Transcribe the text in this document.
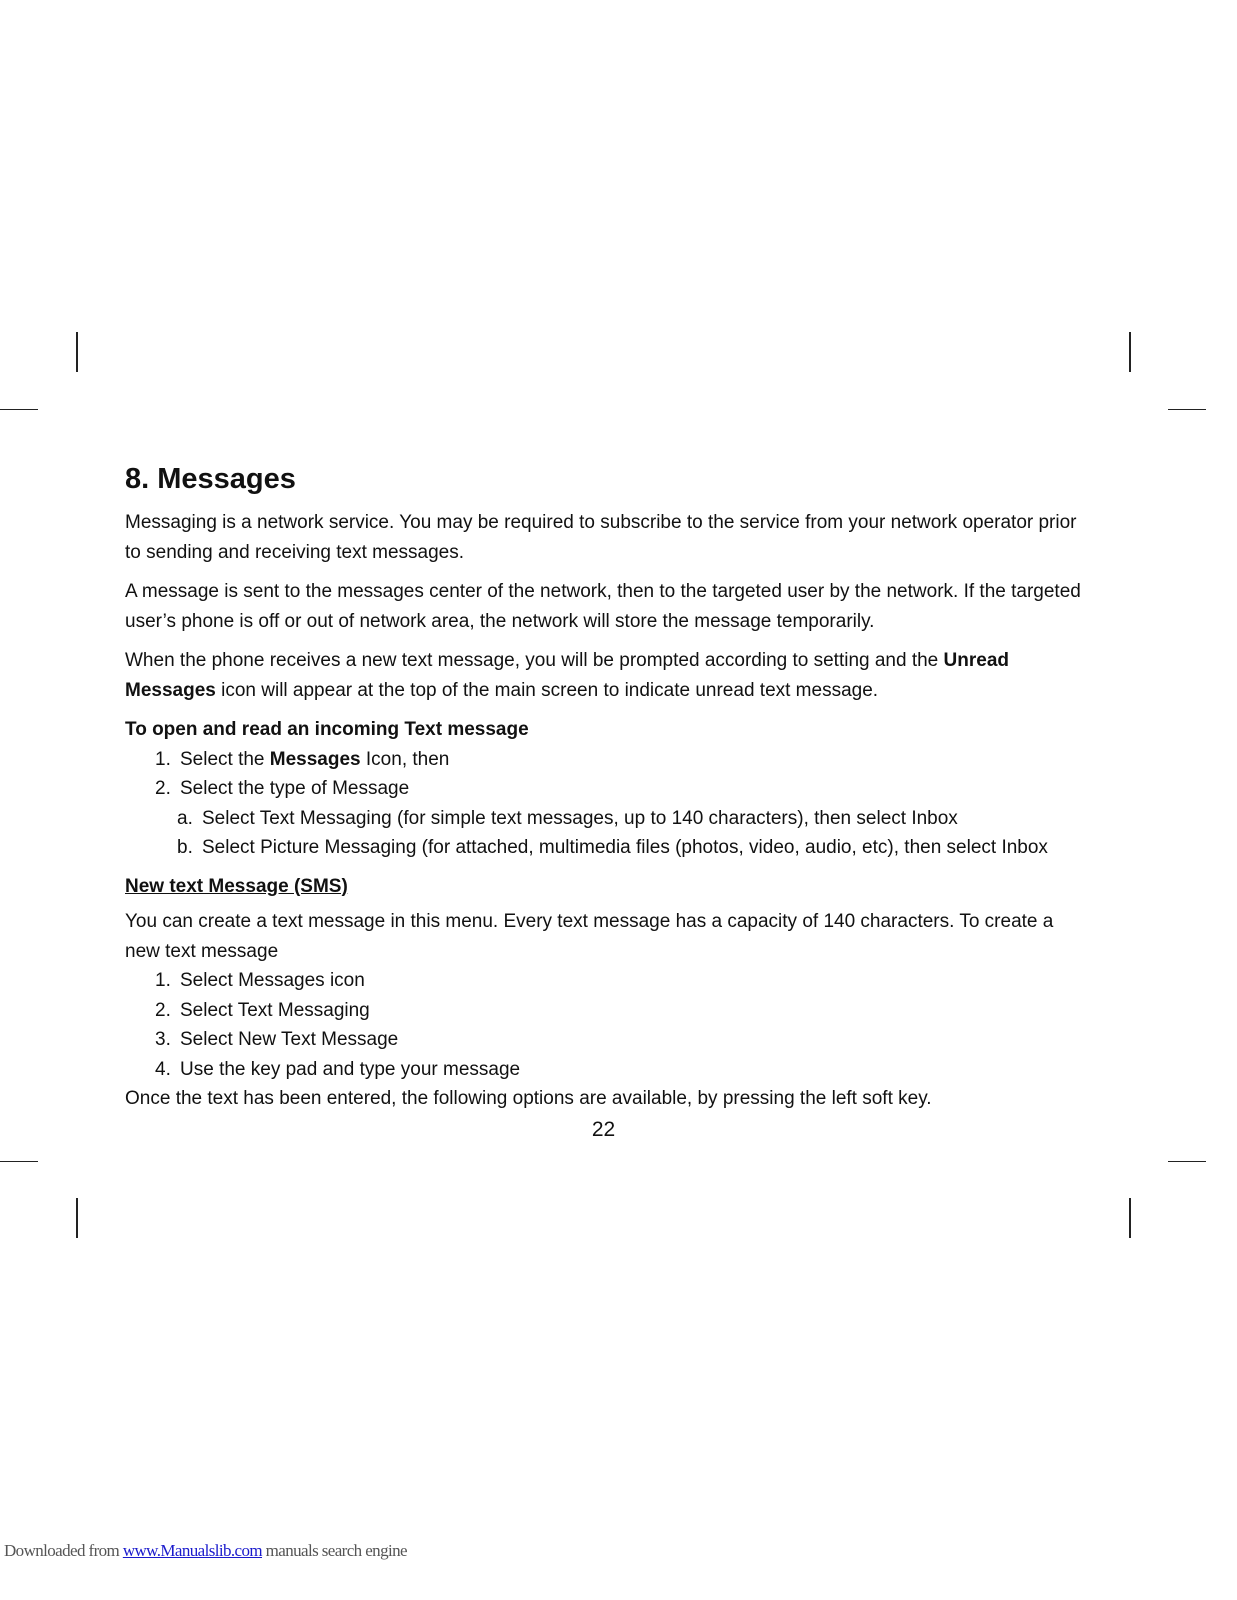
8. Messages

Messaging is a network service. You may be required to subscribe to the service from your network operator prior to sending and receiving text messages.

A message is sent to the messages center of the network, then to the targeted user by the network. If the targeted user’s phone is off or out of network area, the network will store the message temporarily.

When the phone receives a new text message, you will be prompted according to setting and the Unread Messages icon will appear at the top of the main screen to indicate unread text message.

To open and read an incoming Text message

1. Select the Messages Icon, then
2. Select the type of Message
a. Select Text Messaging (for simple text messages, up to 140 characters), then select Inbox
b. Select Picture Messaging (for attached, multimedia files (photos, video, audio, etc), then select Inbox

New text Message (SMS)

You can create a text message in this menu. Every text message has a capacity of 140 characters. To create a new text message

1. Select Messages icon
2. Select Text Messaging
3. Select New Text Message
4. Use the key pad and type your message

Once the text has been entered, the following options are available, by pressing the left soft key.

22
Downloaded from www.Manualslib.com manuals search engine
